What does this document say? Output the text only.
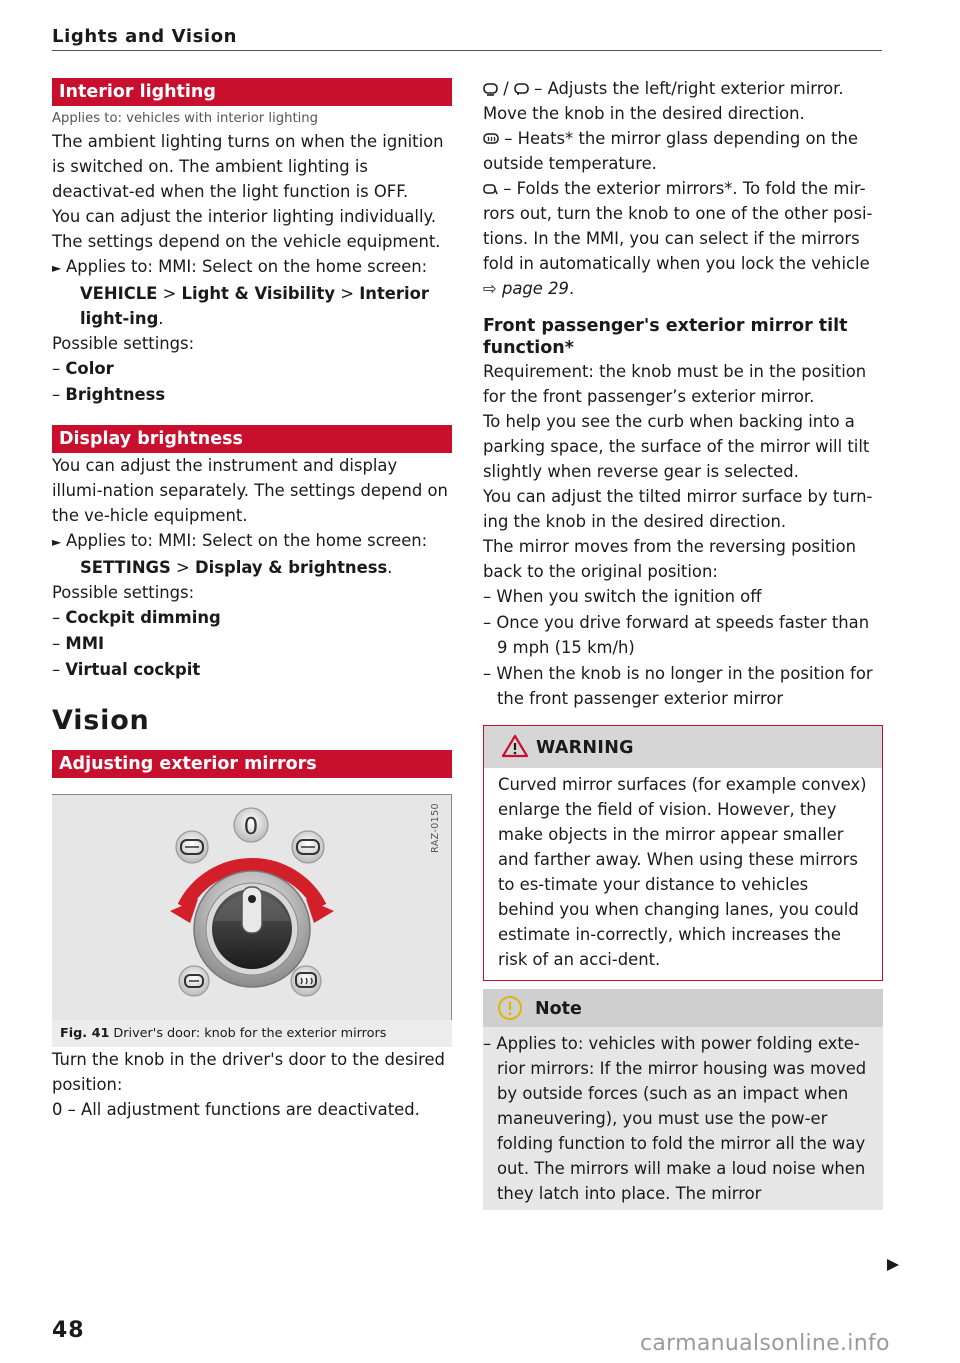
Lights and Vision
Interior lighting
Applies to: vehicles with interior lighting

The ambient lighting turns on when the ignition is switched on. The ambient lighting is deactivat-ed when the light function is OFF.

You can adjust the interior lighting individually. The settings depend on the vehicle equipment.

► Applies to: MMI: Select on the home screen:
VEHICLE > Light & Visibility > Interior light-ing.

Possible settings:

– Color

– Brightness

Display brightness

You can adjust the instrument and display illumi-nation separately. The settings depend on the ve-hicle equipment.

► Applies to: MMI: Select on the home screen:
SETTINGS > Display & brightness.

Possible settings:

– Cockpit dimming

– MMI

– Virtual cockpit

Vision
Adjusting exterior mirrors
RAZ-0150
0
Fig. 41 Driver's door: knob for the exterior mirrors

Turn the knob in the driver's door to the desired position:

0 – All adjustment functions are deactivated.

/  – Adjusts the left/right exterior mirror. Move the knob in the desired direction.

– Heats* the mirror glass depending on the outside temperature.

– Folds the exterior mirrors*. To fold the mir-rors out, turn the knob to one of the other posi-tions. In the MMI, you can select if the mirrors fold in automatically when you lock the vehicle ⇨ page 29.

Front passenger's exterior mirror tilt function*

Requirement: the knob must be in the position for the front passenger’s exterior mirror.

To help you see the curb when backing into a parking space, the surface of the mirror will tilt slightly when reverse gear is selected.

You can adjust the tilted mirror surface by turn-ing the knob in the desired direction.

The mirror moves from the reversing position back to the original position:

– When you switch the ignition off

– Once you drive forward at speeds faster than 9 mph (15 km/h)

– When the knob is no longer in the position for the front passenger exterior mirror

WARNING
Curved mirror surfaces (for example convex) enlarge the field of vision. However, they make objects in the mirror appear smaller and farther away. When using these mirrors to es-timate your distance to vehicles behind you when changing lanes, you could estimate in-correctly, which increases the risk of an acci-dent.
Note
– Applies to: vehicles with power folding exte-rior mirrors: If the mirror housing was moved by outside forces (such as an impact when maneuvering), you must use the pow-er folding function to fold the mirror all the way out. The mirrors will make a loud noise when they latch into place. The mirror
48
carmanualsonline.info
